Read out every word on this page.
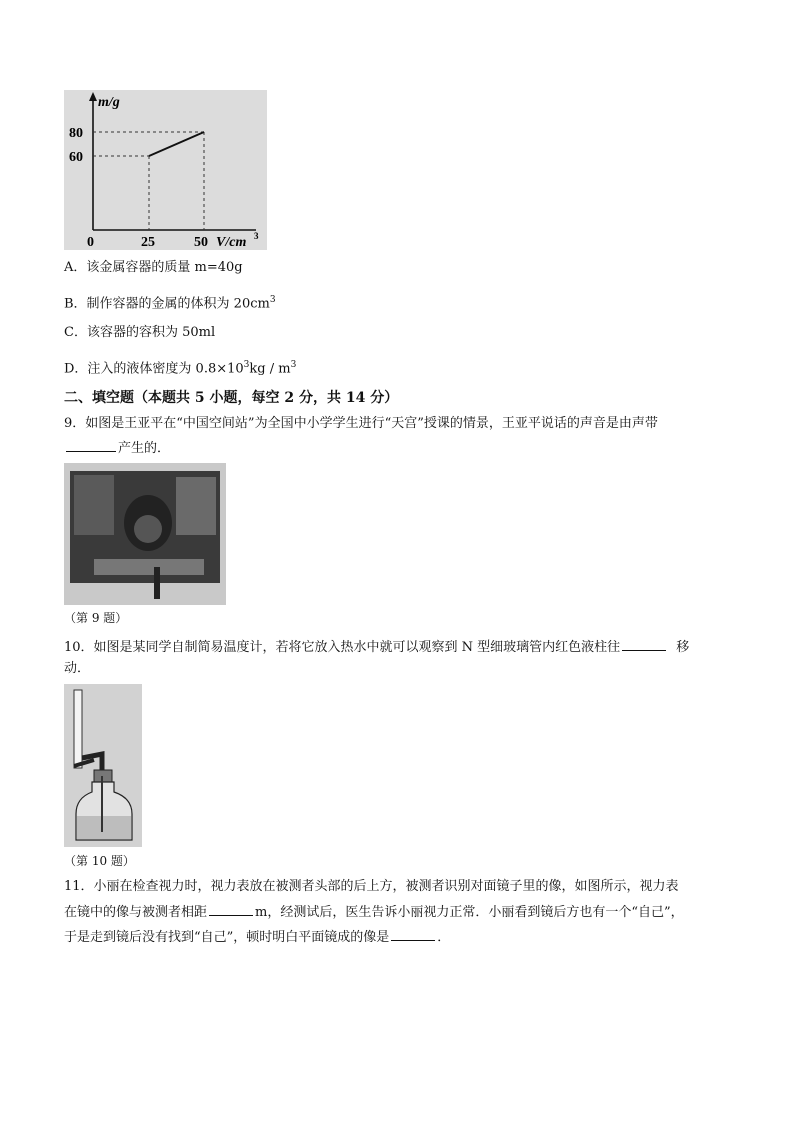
m/g
80
60
0	25	50 V/cm 3
A．该金属容器的质量 m=40g
B．制作容器的金属的体积为 $20cm^3$
C．该容器的容积为 50ml
D．注入的液体密度为 $0.8\times 10^3kg / m^3$
二、填空题（本题共 5 小题，每空 2 分，共 14 分）
9．如图是王亚平在“中国空间站”为全国中小学学生进行“天宫”授课的情景，王亚平说话的声音是由声带
产生的．
（第 9 题）
10．如图是某同学自制简易温度计，若将它放入热水中就可以观察到 N 型细玻璃管内红色液柱往	移
动．
（第 10 题）
11．小丽在检查视力时，视力表放在被测者头部的后上方，被测者识别对面镜子里的像，如图所示，视力表
在镜中的像与被测者相距	m，经测试后，医生告诉小丽视力正常．小丽看到镜后方也有一个“自己”，
于是走到镜后没有找到“自己”，顿时明白平面镜成的像是	．
